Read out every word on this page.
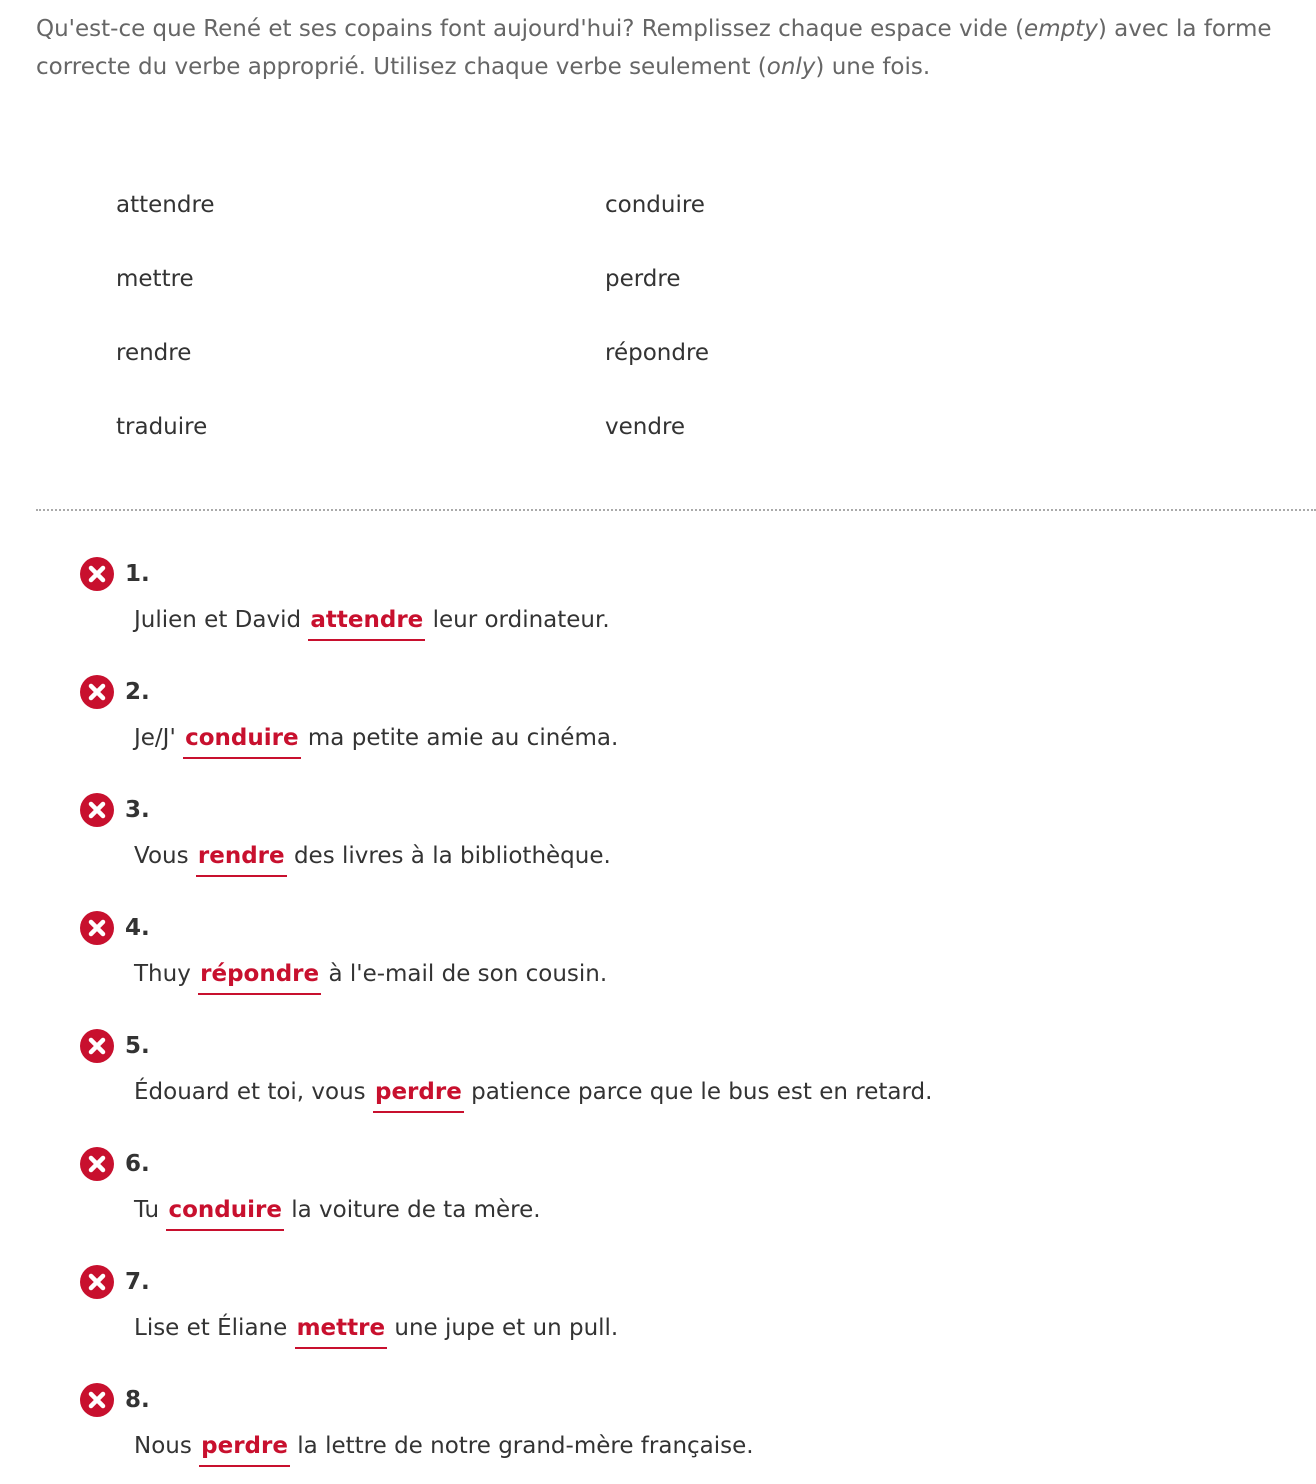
Qu'est-ce que René et ses copains font aujourd'hui? Remplissez chaque espace vide (empty) avec la forme correcte du verbe approprié. Utilisez chaque verbe seulement (only) une fois.

attendre	conduire
mettre	perdre
rendre	répondre
traduire	vendre
1.
Julien et David attendre leur ordinateur.
2.
Je/J' conduire ma petite amie au cinéma.
3.
Vous rendre des livres à la bibliothèque.
4.
Thuy répondre à l'e-mail de son cousin.
5.
Édouard et toi, vous perdre patience parce que le bus est en retard.
6.
Tu conduire la voiture de ta mère.
7.
Lise et Éliane mettre une jupe et un pull.
8.
Nous perdre la lettre de notre grand-mère française.
